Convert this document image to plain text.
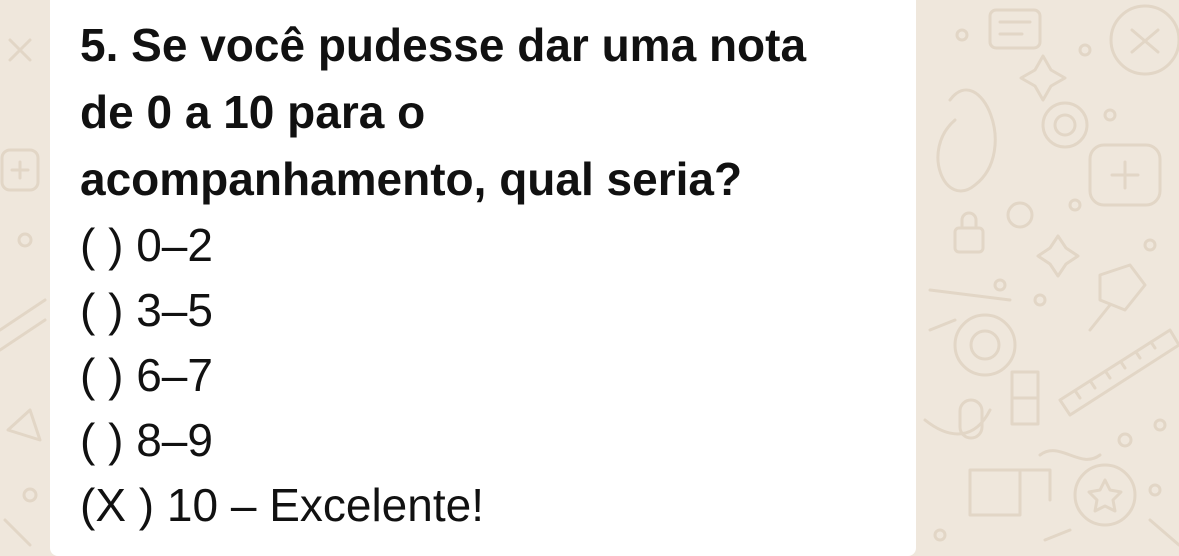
5. Se você pudesse dar uma nota
de 0 a 10 para o
acompanhamento, qual seria?

( ) 0–2
( ) 3–5
( ) 6–7
( ) 8–9
(X ) 10 – Excelente!
